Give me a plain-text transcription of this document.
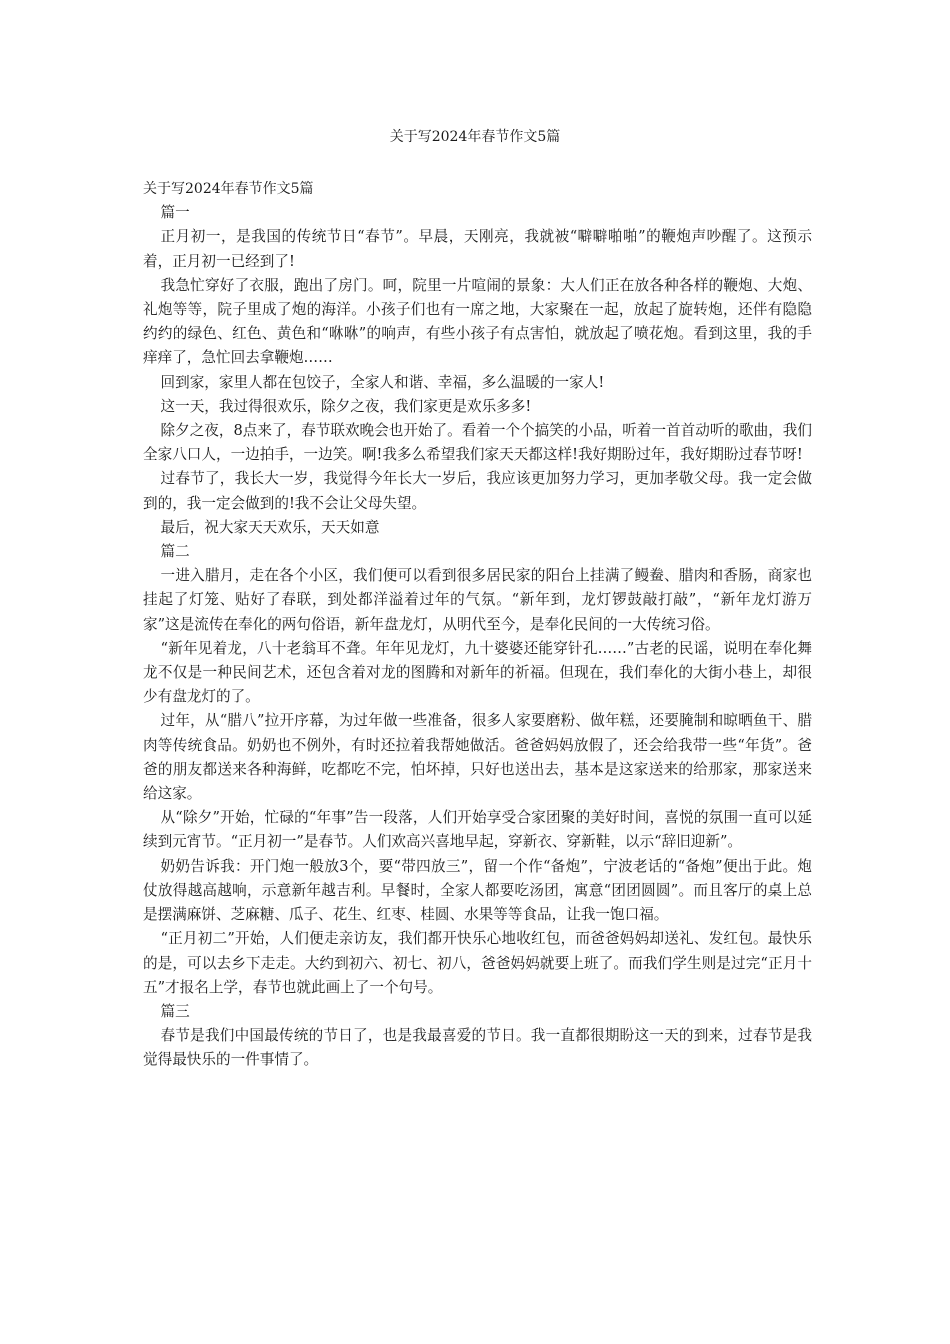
关于写2024年春节作文5篇

关于写2024年春节作文5篇

篇一

正月初一，是我国的传统节日“春节”。早晨，天刚亮，我就被“噼噼啪啪”的鞭炮声吵醒了。这预示着，正月初一已经到了!

我急忙穿好了衣服，跑出了房门。呵，院里一片喧闹的景象：大人们正在放各种各样的鞭炮、大炮、礼炮等等，院子里成了炮的海洋。小孩子们也有一席之地，大家聚在一起，放起了旋转炮，还伴有隐隐约约的绿色、红色、黄色和“咻咻”的响声，有些小孩子有点害怕，就放起了喷花炮。看到这里，我的手痒痒了，急忙回去拿鞭炮……

回到家，家里人都在包饺子，全家人和谐、幸福，多么温暖的一家人!

这一天，我过得很欢乐，除夕之夜，我们家更是欢乐多多!

除夕之夜，8点来了，春节联欢晚会也开始了。看着一个个搞笑的小品，听着一首首动听的歌曲，我们全家八口人，一边拍手，一边笑。啊!我多么希望我们家天天都这样!我好期盼过年，我好期盼过春节呀!

过春节了，我长大一岁，我觉得今年长大一岁后，我应该更加努力学习，更加孝敬父母。我一定会做到的，我一定会做到的!我不会让父母失望。

最后，祝大家天天欢乐，天天如意

篇二

一进入腊月，走在各个小区，我们便可以看到很多居民家的阳台上挂满了鳗鲞、腊肉和香肠，商家也挂起了灯笼、贴好了春联，到处都洋溢着过年的气氛。“新年到，龙灯锣鼓敲打敲”，“新年龙灯游万家”这是流传在奉化的两句俗语，新年盘龙灯，从明代至今，是奉化民间的一大传统习俗。

“新年见着龙，八十老翁耳不聋。年年见龙灯，九十婆婆还能穿针孔……”古老的民谣，说明在奉化舞龙不仅是一种民间艺术，还包含着对龙的图腾和对新年的祈福。但现在，我们奉化的大街小巷上，却很少有盘龙灯的了。

过年，从“腊八”拉开序幕，为过年做一些准备，很多人家要磨粉、做年糕，还要腌制和晾晒鱼干、腊肉等传统食品。奶奶也不例外，有时还拉着我帮她做活。爸爸妈妈放假了，还会给我带一些“年货”。爸爸的朋友都送来各种海鲜，吃都吃不完，怕坏掉，只好也送出去，基本是这家送来的给那家，那家送来给这家。

从“除夕”开始，忙碌的“年事”告一段落，人们开始享受合家团聚的美好时间，喜悦的氛围一直可以延续到元宵节。“正月初一”是春节。人们欢高兴喜地早起，穿新衣、穿新鞋，以示“辞旧迎新”。

奶奶告诉我：开门炮一般放3个，要“带四放三”，留一个作“备炮”，宁波老话的“备炮”便出于此。炮仗放得越高越响，示意新年越吉利。早餐时，全家人都要吃汤团，寓意“团团圆圆”。而且客厅的桌上总是摆满麻饼、芝麻糖、瓜子、花生、红枣、桂圆、水果等等食品，让我一饱口福。

“正月初二”开始，人们便走亲访友，我们都开快乐心地收红包，而爸爸妈妈却送礼、发红包。最快乐的是，可以去乡下走走。大约到初六、初七、初八，爸爸妈妈就要上班了。而我们学生则是过完“正月十五”才报名上学，春节也就此画上了一个句号。

篇三

春节是我们中国最传统的节日了，也是我最喜爱的节日。我一直都很期盼这一天的到来，过春节是我觉得最快乐的一件事情了。
